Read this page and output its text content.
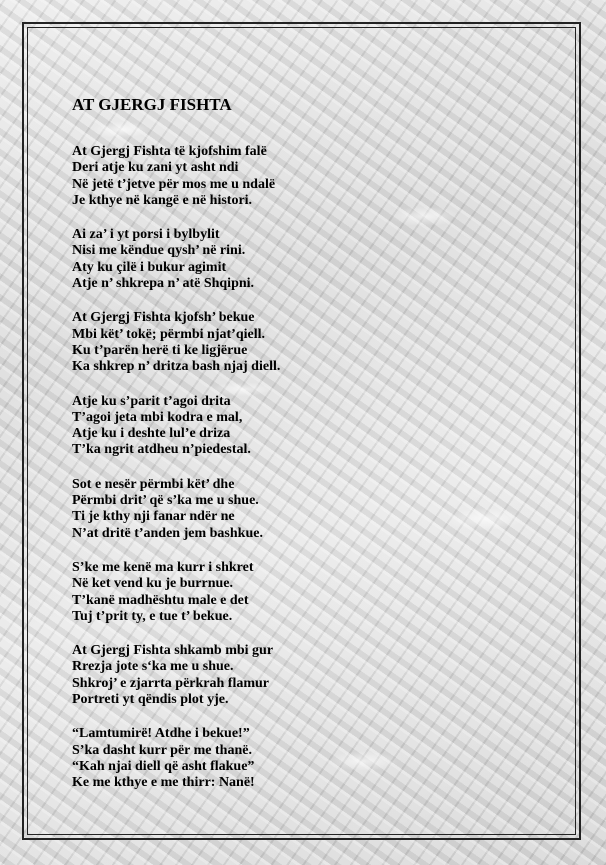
AT GJERGJ FISHTA
At Gjergj Fishta të kjofshim falë
Deri atje ku zani yt asht ndi
Në jetë t’jetve për mos me u ndalë
Je kthye në kangë e në histori.
Ai za’ i yt porsi i bylbylit
Nisi me këndue qysh’ në rini.
Aty ku çilë i bukur agimit
Atje n’ shkrepa n’ atë Shqipni.
At Gjergj Fishta kjofsh’ bekue
Mbi kët’ tokë; përmbi njat’qiell.
Ku t’parën herë ti ke ligjërue
Ka shkrep n’ dritza bash njaj diell.
Atje ku s’parit t’agoi drita
T’agoi jeta mbi kodra e mal,
Atje ku i deshte lul’e driza
T’ka ngrit atdheu n’piedestal.
Sot e nesër përmbi kët’ dhe
Përmbi drit’ që s’ka me u shue.
Ti je kthy nji fanar ndër ne
N’at dritë t’anden jem bashkue.
S’ke me kenë ma kurr i shkret
Në ket vend ku je burrnue.
T’kanë madhështu male e det
Tuj t’prit ty, e tue t’ bekue.
At Gjergj Fishta shkamb mbi gur
Rrezja jote s‘ka me u shue.
Shkroj’ e zjarrta përkrah flamur
Portreti yt qëndis plot yje.
“Lamtumirë! Atdhe i bekue!”
S’ka dasht kurr për me thanë.
“Kah njai diell që asht flakue”
Ke me kthye e me thirr: Nanë!
